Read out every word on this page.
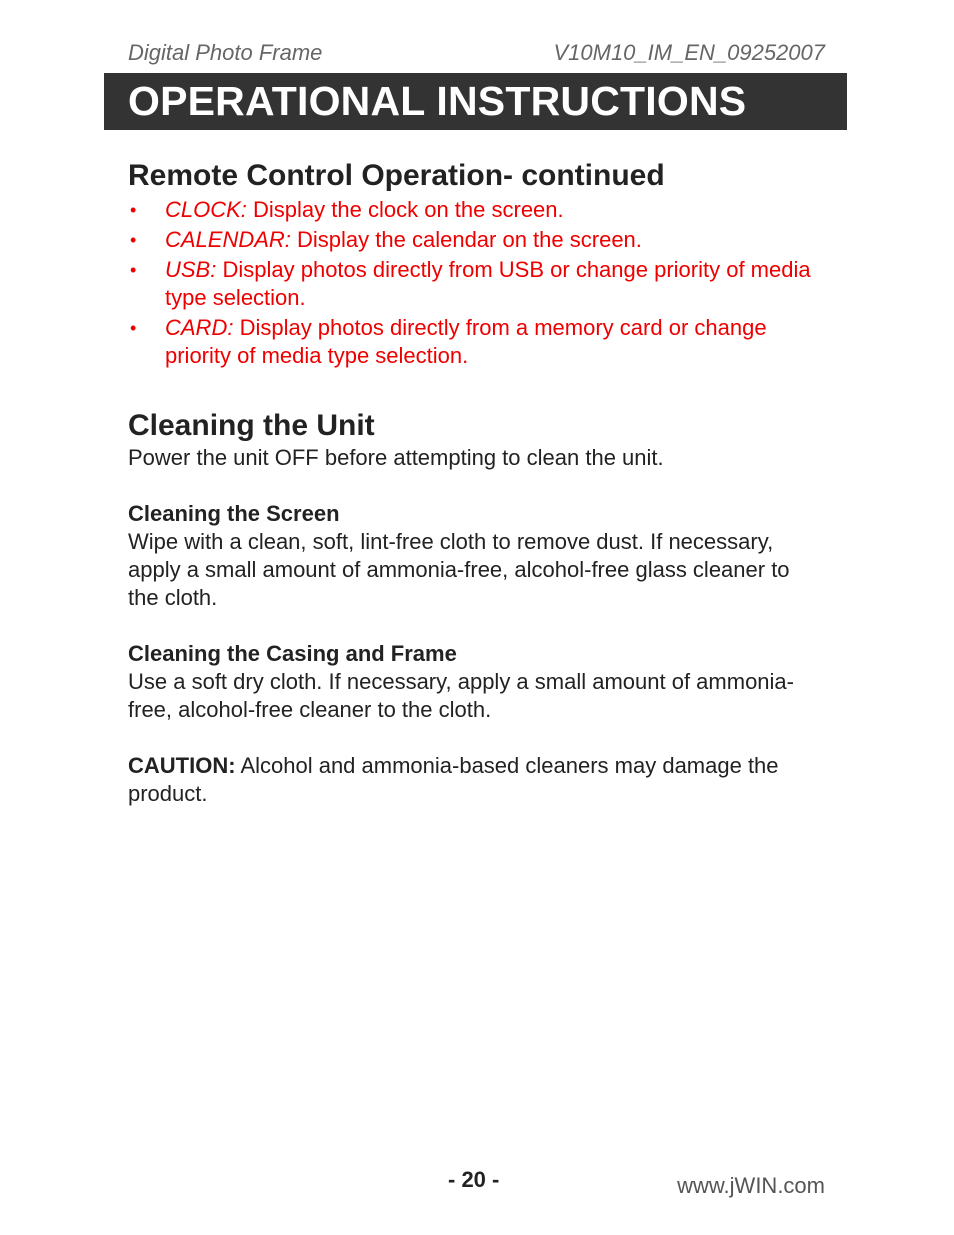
Digital Photo Frame	V10M10_IM_EN_09252007
OPERATIONAL INSTRUCTIONS
Remote Control Operation- continued
• CLOCK: Display the clock on the screen.
• CALENDAR: Display the calendar on the screen.
• USB: Display photos directly from USB or change priority of media type selection.
• CARD: Display photos directly from a memory card or change priority of media type selection.
Cleaning the Unit

Power the unit OFF before attempting to clean the unit.

Cleaning the Screen

Wipe with a clean, soft, lint-free cloth to remove dust. If necessary, apply a small amount of ammonia-free, alcohol-free glass cleaner to the cloth.

Cleaning the Casing and Frame

Use a soft dry cloth. If necessary, apply a small amount of ammonia-free, alcohol-free cleaner to the cloth.

CAUTION: Alcohol and ammonia-based cleaners may damage the product.

- 20 -	www.jWIN.com
